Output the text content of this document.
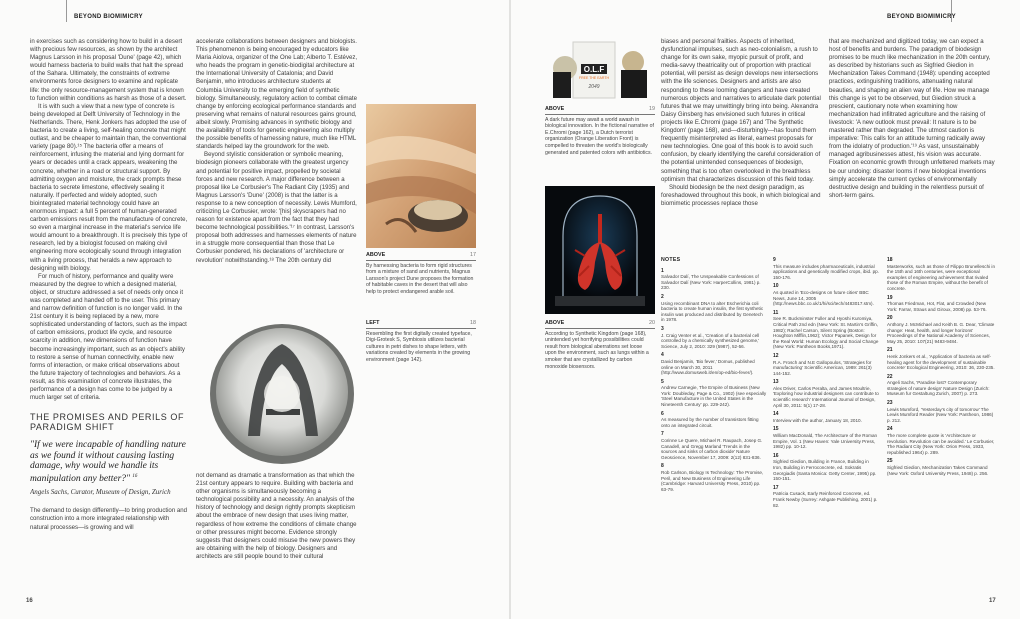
BEYOND BIOMIMICRY

in exercises such as considering how to build in a desert with precious few resources, as shown by the architect Magnus Larsson in his proposal 'Dune' (page 42), which would harness bacteria to build walls that halt the spread of the Sahara. Ultimately, the constraints of extreme environments force designers to examine and replicate life: the only resource-management system that is known to function within conditions as harsh as those of a desert.

It is with such a view that a new type of concrete is being developed at Delft University of Technology in the Netherlands. There, Henk Jonkers has adopted the use of bacteria to create a living, self-healing concrete that might outlast, and be cheaper to maintain than, the conventional variety (page 80).¹⁵ The bacteria offer a means of reinforcement, infusing the material and lying dormant for years or decades until a crack appears, weakening the concrete, whether in a road or structural support. By admitting oxygen and moisture, the crack prompts these bacteria to secrete limestone, effectively sealing it naturally. If perfected and widely adopted, such biointegrated material technology could have an enormous impact: a full 5 percent of human-generated carbon emissions result from the manufacture of concrete, so even a marginal increase in the material's service life would amount to a breakthrough. It is precisely this type of research, led by a biologist focused on making civil engineering more ecologically sound through integration with a living process, that heralds a new approach to designing with biology.

For much of history, performance and quality were measured by the degree to which a designed material, object, or structure addressed a set of needs only once it was completed and handed off to the user. This primary and narrow definition of function is no longer valid. In the 21st century it is being replaced by a new, more sophisticated understanding of factors, such as the impact of carbon emissions, product life cycle, and resource scarcity in addition, new dimensions of function have become increasingly important, such as an object's ability to restore a sense of human connectivity, enable new forms of interaction, or make critical observations about the future trajectory of technologies and behaviors. As a result, as this examination of concrete illustrates, the performance of a design has come to be judged by a much larger set of criteria.

THE PROMISES AND PERILS OF PARADIGM SHIFT
"If we were incapable of handling nature as we found it without causing lasting damage, why would we handle its manipulation any better?" $^{16}$
Angels Sachs, Curator, Museum of Design, Zurich

The demand to design differently—to bring production and construction into a more integrated relationship with natural processes—is growing and will

accelerate collaborations between designers and biologists. This phenomenon is being encouraged by educators like Maria Aiolova, organizer of the One Lab; Alberto T. Estévez, who heads the program in genetic-biodigital architecture at the International University of Catalonia; and David Benjamin, who introduces architecture students at Columbia University to the emerging field of synthetic biology. Simultaneously, regulatory action to combat climate change by enforcing ecological performance standards and preserving what remains of natural resources gains ground, albeit slowly. Promising advances in synthetic biology and the availability of tools for genetic engineering also multiply the possible benefits of harnessing nature, much like HTML standards helped lay the groundwork for the web.

Beyond stylistic consideration or symbolic meaning, biodesign pioneers collaborate with the greatest urgency and potential for positive impact, propelled by societal forces and new research. A major difference between a proposal like Le Corbusier's The Radiant City (1935) and Magnus Larsson's 'Dune' (2008) is that the latter is a response to a new conception of necessity. Lewis Mumford, criticizing Le Corbusier, wrote: '[his] skyscrapers had no reason for existence apart from the fact that they had become technological possibilities.'¹⁷ In contrast, Larsson's proposal both addresses and harnesses elements of nature in a struggle more consequential than those that Le Corbusier pondered, his declarations of 'architecture or revolution' notwithstanding.¹⁸ The 20th century did

not demand as dramatic a transformation as that which the 21st century appears to require. Building with bacteria and other organisms is simultaneously becoming a technological possibility and a necessity. An analysis of the history of technology and design rightly prompts skepticism about the embrace of new design that uses living matter, regardless of how extreme the conditions of climate change or other pressures might become. Evidence strongly suggests that designers could misuse the new powers they are obtaining with the help of biology. Designers and architects are still people bound to their cultural

ABOVE	17
By harnessing bacteria to form rigid structures from a mixture of sand and nutrients, Magnus Larsson's project Dune proposes the formation of habitable caves in the desert that will also help to protect endangered arable soil.
LEFT	18
Resembling the first digitally created typeface, Digi-Grotesk S, Symbiosis utilizes bacterial cultures in petri dishes to shape letters, with variations created by elements in the growing environment (page 142).
16
BEYOND BIOMIMICRY
O.L.F
FREE THE EARTH
2049
ABOVE	19
A dark future may await a world awash in biological innovation. In the fictional narrative of E.Chromi (page 162), a Dutch terrorist organization (Orange Liberation Front) is compelled to threaten the world's biologically generated and patented colors with antibiotics.
ABOVE	20
According to Synthetic Kingdom (page 168), unintended yet horrifying possibilities could result from biological aberrations set loose upon the environment, such as lungs within a smoker that are crystallized by carbon monoxide biosensors.

biases and personal frailties. Aspects of inherited, dysfunctional impulses, such as neo-colonialism, a rush to change for its own sake, myopic pursuit of profit, and media-savvy theatricality out of proportion with practical potential, will persist as design develops new intersections with the life sciences. Designers and artists are also responding to these looming dangers and have created numerous objects and narratives to articulate dark potential futures that we may unwittingly bring into being. Alexandra Daisy Ginsberg has envisioned such futures in critical projects like E.Chromi (page 167) and 'The Synthetic Kingdom' (page 168), and—disturbingly—has found them frequently misinterpreted as literal, earnest proposals for new technologies. One goal of this book is to avoid such confusion, by clearly identifying the careful consideration of the potential unintended consequences of biodesign, something that is too often overlooked in the breathless optimism that characterizes discussion of this field today.

Should biodesign be the next design paradigm, as foreshadowed throughout this book, in which biological and biomimetic processes replace those

that are mechanized and digitized today, we can expect a host of benefits and burdens. The paradigm of biodesign promises to be much like mechanization in the 20th century, as described by historians such as Sigfried Giedion in Mechanization Takes Command (1948): upending accepted practices, extinguishing traditions, attenuating natural beauties, and shaping an alien way of life. How we manage this change is yet to be observed, but Giedion struck a prescient, cautionary note when examining how mechanization had infiltrated agriculture and the raising of livestock: 'A new outlook must prevail: It nature is to be mastered rather than degraded. The utmost caution is imperative: This calls for an attitude turning radically away from the idolatry of production.'¹⁹ As vast, unsustainably managed agribusinesses attest, his vision was accurate. Fixation on economic growth through unfettered markets may be our undoing: disaster looms if new biological inventions simply accelerate the current cycles of environmentally destructive design and building in the relentless pursuit of short-term gains.

NOTES
1
Salvador Dalí, The Unspeakable Confessions of Salvador Dalí (New York: HarperCollins, 1981) p. 230.
2
Using recombinant DNA to alter Escherichia coli bacteria to create human insulin, the first synthetic insulin was produced and distributed by Genetech in 1978.
3
J. Craig Venter et al., 'Creation of a bacterial cell controlled by a chemically synthesized genome,' Science, July 2, 2010: 329 (5987), 52-56.
4
David Benjamin, 'Bio fever,' Domus, published online on March 30, 2011 (http://www.domusweb.it/en/op-ed/bio-fever/).
5
Andrew Carnegie, The Empire of Business (New York: Doubleday, Page & Co., 1902) (see especially 'Steel Manufacture in the United States in the Nineteenth Century' pp. 229-242).
6
As measured by the number of transistors fitting onto an integrated circuit.
7
Corinne Le Quere, Michael R. Raupach, Josep G. Canadell, and Gregg Marland 'Trends in the sources and sinks of carbon dioxide' Nature Geoscience, November 17, 2009: 2(12) 831-836.
8
Rob Carlson, Biology Is Technology: The Promise, Peril, and New Business of Engineering Life (Cambridge: Harvard University Press, 2010) pp. 63-79.
9
This measure includes pharmaceuticals, industrial applications and genetically modified crops, ibid. pp. 150-176.
10
As quoted in 'Eco-designs on future cities' BBC News, June 14, 2005 (http://news.bbc.co.uk/1/hi/sci/tech/4483017.stm).
11
See R. Buckminster Fuller and Hyoshi Kuromiya, Critical Path 2nd edn (New York: St. Martin's Griffin, 1982); Rachel Carson, Silent Spring (Boston: Houghton Mifflin,1962); Victor Papanek, Design for the Real World: Human Ecology and Social Change (New York: Pantheon Books,1971).
12
R.A. Frosch and N.E Gallopoulos, 'Strategies for manufacturing' Scientific American, 1989: 261(3) 144-152.
13
Alex Driver, Carlos Peralta, and James Moultrie, 'Exploring how industrial designers can contribute to scientific research' International Journal of Design, April 30, 2011: 5(1) 17-28.
14
Interview with the author, January 18, 2010.
15
William MacDonald, The Architecture of the Roman Empire, Vol. 1 (New Haven: Yale University Press, 1982) pp. 10-12.
16
Sigfried Giedion, Building in France, Building in Iron, Building in Ferroconcrete, ed. Sokratis Georgiadis (Santa Monica: Getty Center, 1995) pp. 150-151.
17
Patricia Cusack, Early Reinforced Concrete, ed. Frank Newby (Surrey: Ashgate Publishing, 2001) p. 82.
18
Masterworks, such as those of Filippo Brunelleschi in the 15th and 16th centuries, were exceptional examples of engineering achievement that rivaled those of the Roman Empire, without the benefit of concrete.
19
Thomas Friedman, Hot, Flat, and Crowded (New York: Farrar, Straus and Giroux, 2008) pp. 53-76.
20
Anthony J. McMichael and Keith B. G. Dear, 'Climate change: Heat, health, and longer horizons' Proceedings of the National Academy of Sciences, May 25, 2010: 107(21) 9483-9484.
21
Henk Jonkers et al., 'Application of bacteria as self-healing agent for the development of sustainable concrete' Ecological Engineering, 2010: 36, 230-235.
22
Angeli Sachs, 'Paradise lost? Contemporary strategies of nature design' Nature Design (Zurich: Museum fur Gestaltung Zurich, 2007) p. 273.
23
Lewis Mumford, 'Yesterday's city of tomorrow' The Lewis Mumford Reader (New York: Pantheon, 1986) p. 212.
24
The more complete quote is 'Architecture or revolution. Revolution can be avoided.' Le Corbusier, The Radiant City (New York: Orion Press, 1933, republished 1964) p. 289.
25
Sigfried Giedion, Mechanization Takes Command (New York: Oxford University Press, 1948) p. 256.
17
